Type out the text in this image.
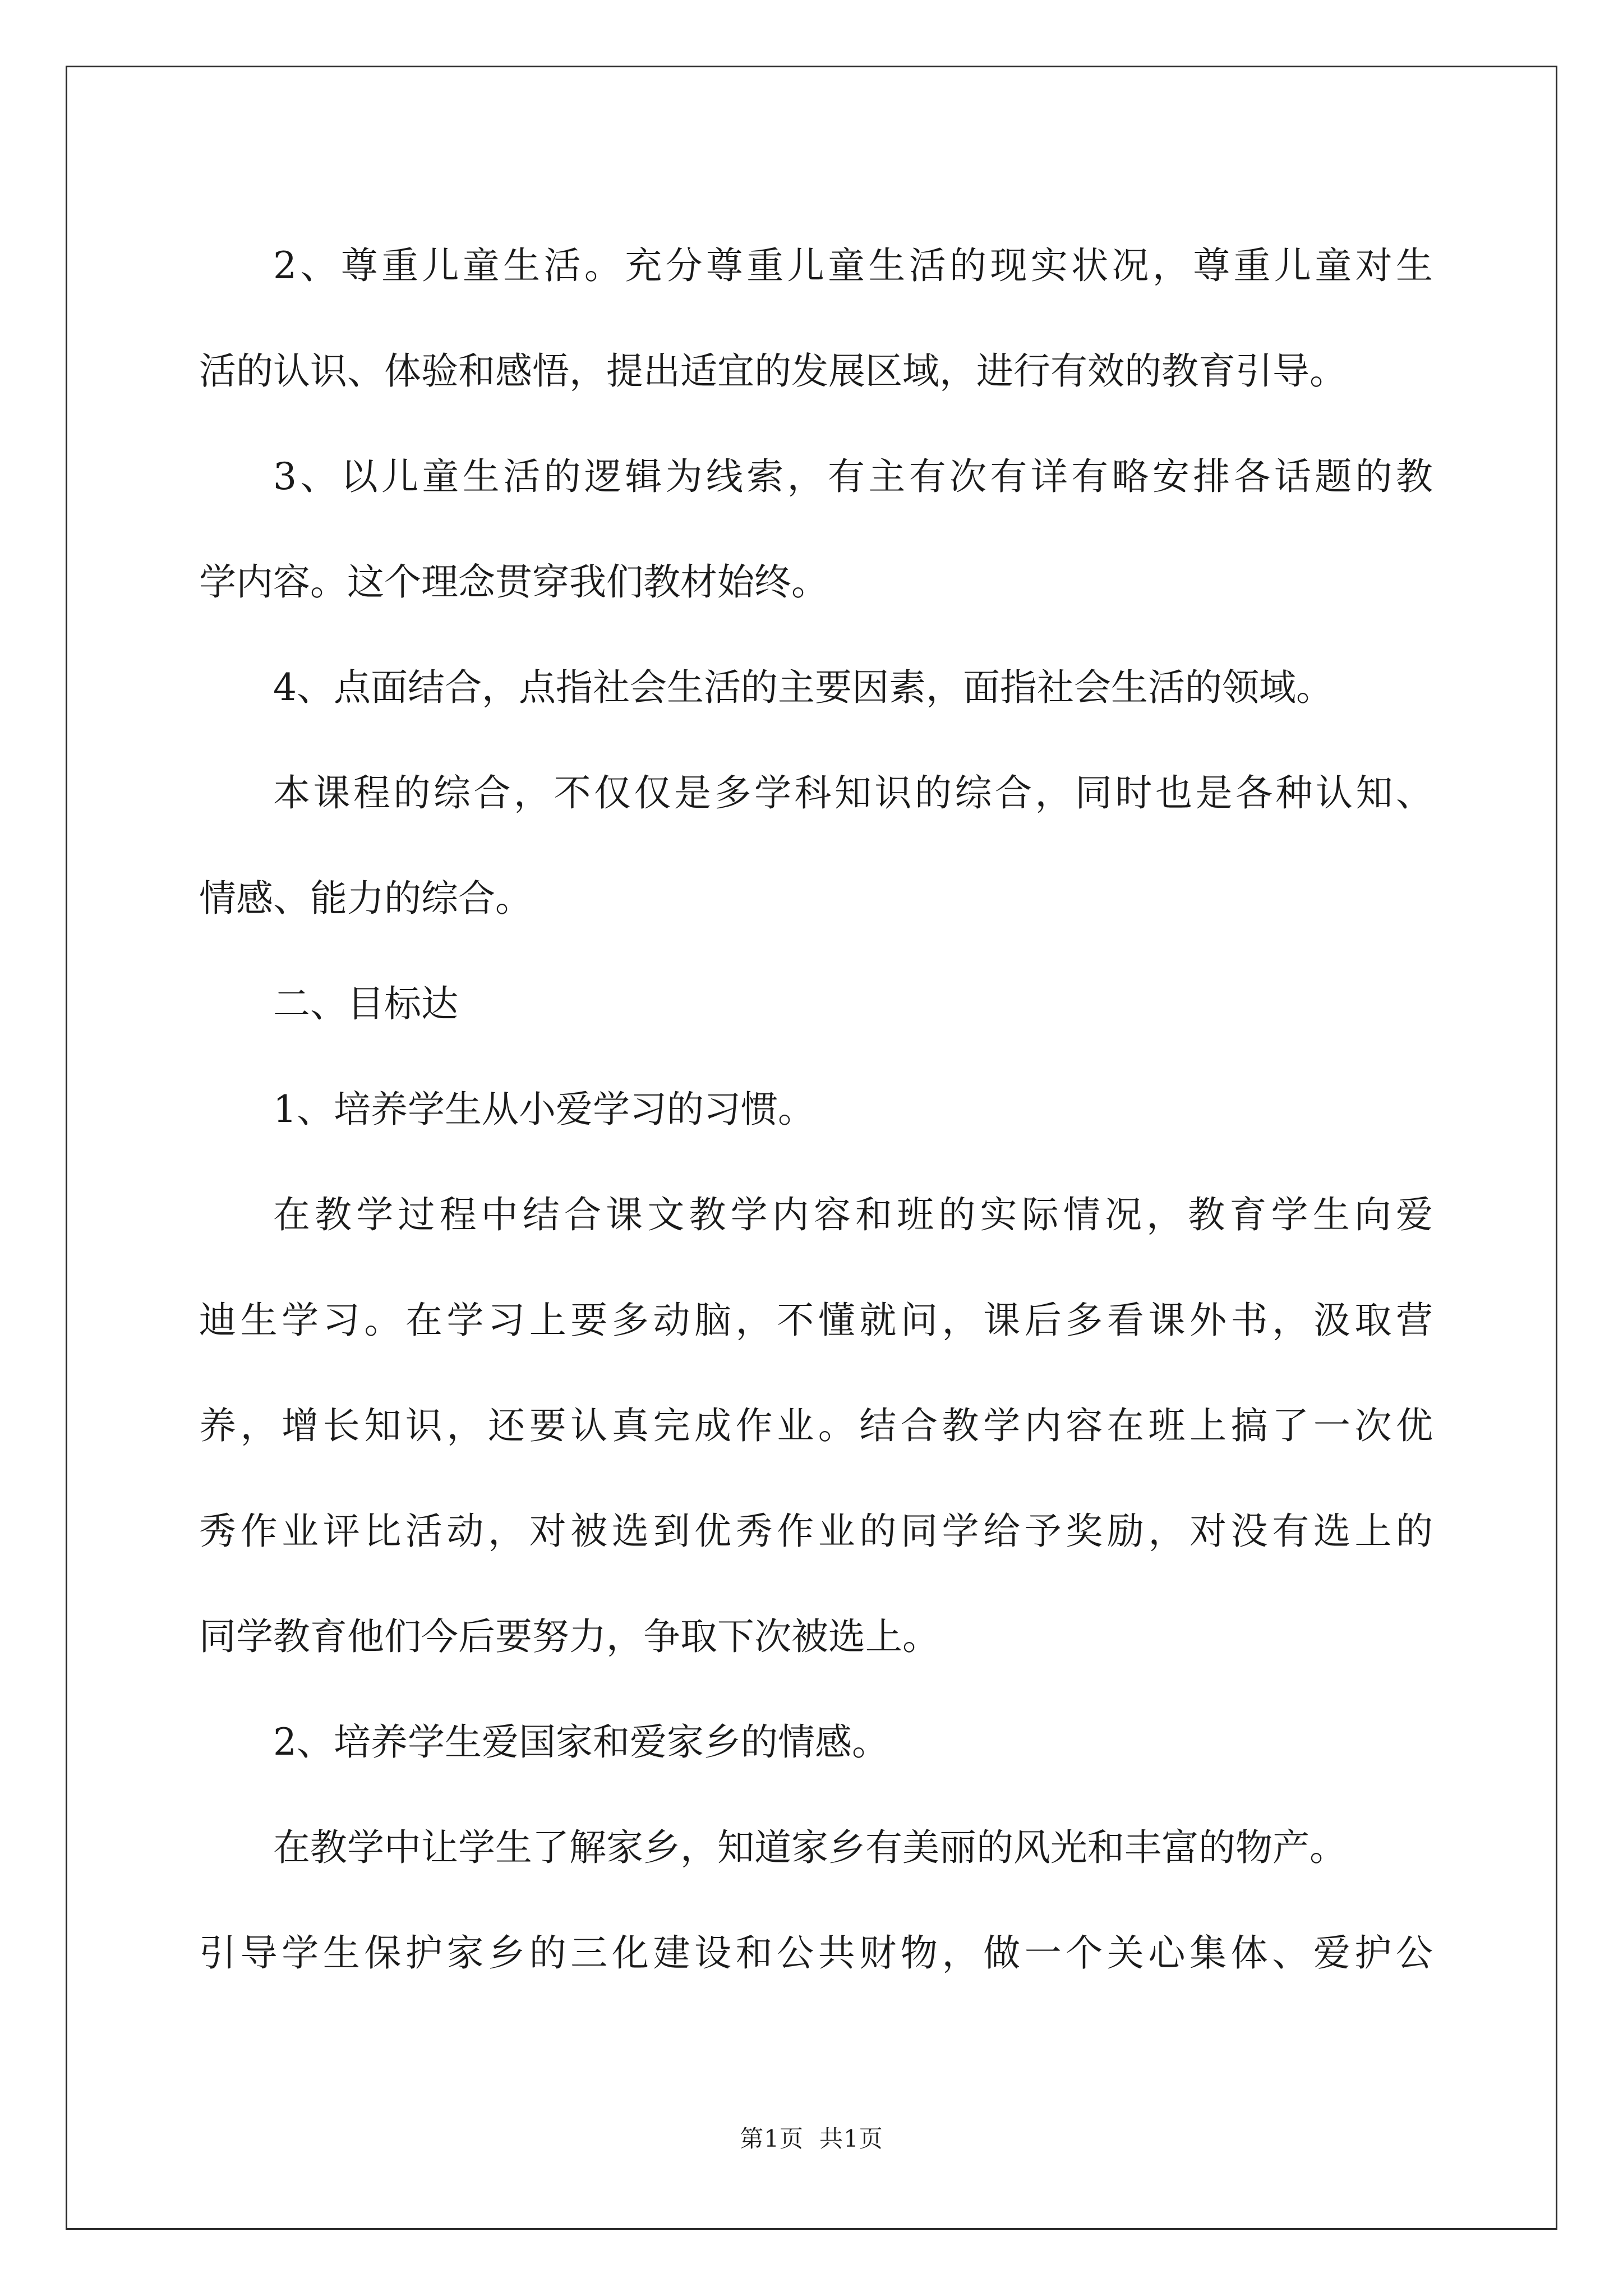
2、尊重儿童生活。充分尊重儿童生活的现实状况，尊重儿童对生
活的认识、体验和感悟，提出适宜的发展区域，进行有效的教育引导。
3、以儿童生活的逻辑为线索，有主有次有详有略安排各话题的教
学内容。这个理念贯穿我们教材始终。
4、点面结合，点指社会生活的主要因素，面指社会生活的领域。
本课程的综合，不仅仅是多学科知识的综合，同时也是各种认知、
情感、能力的综合。
二、目标达
1、培养学生从小爱学习的习惯。
在教学过程中结合课文教学内容和班的实际情况，教育学生向爱
迪生学习。在学习上要多动脑，不懂就问，课后多看课外书，汲取营
养，增长知识，还要认真完成作业。结合教学内容在班上搞了一次优
秀作业评比活动，对被选到优秀作业的同学给予奖励，对没有选上的
同学教育他们今后要努力，争取下次被选上。
2、培养学生爱国家和爱家乡的情感。
在教学中让学生了解家乡，知道家乡有美丽的风光和丰富的物产。
引导学生保护家乡的三化建设和公共财物，做一个关心集体、爱护公
第1页 共1页
